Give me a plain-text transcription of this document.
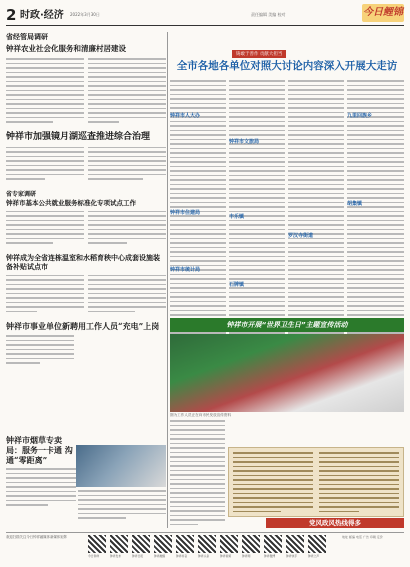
2 时政·经济 2022年3月30日	责任编辑 美编 校对	今日鲤锦
省经管局调研
钟祥农业社会化服务和清廉村居建设
钟祥市加强镜月湖巡查推进综合治理
省专家调研
钟祥市基本公共就业服务标准化专项试点工作
钟祥成为全省连栋温室和水稻育秧中心成套设施装备补贴试点市
钟祥市事业单位新聘用工作人员“充电”上岗
钟祥市烟草专卖局：服务一卡通 沟通“零距离”
铸敢于善作 贡献大担当
全市各地各单位对照大讨论内容深入开展大走访
钟祥市人大办
钟祥市住建局
钟祥市统计局
钟祥市文旅局
丰乐镇
石牌镇
九里回族乡
胡集镇
罗汉寺街道
钟祥市开展“世界卫生日”主题宣传活动
图为工作人员正在向市民发放宣传资料
党风政风热线得多
欢迎扫描关注今日钟祥融媒体新媒体矩阵
今日钟祥	钟祥发布	钟祥日报	钟祥融媒	钟祥抖音	钟祥头条	钟祥视频	钟祥网	钟祥微博	钟祥快手	钟祥之声
地址 邮编 电话 广告 印刷 定价
